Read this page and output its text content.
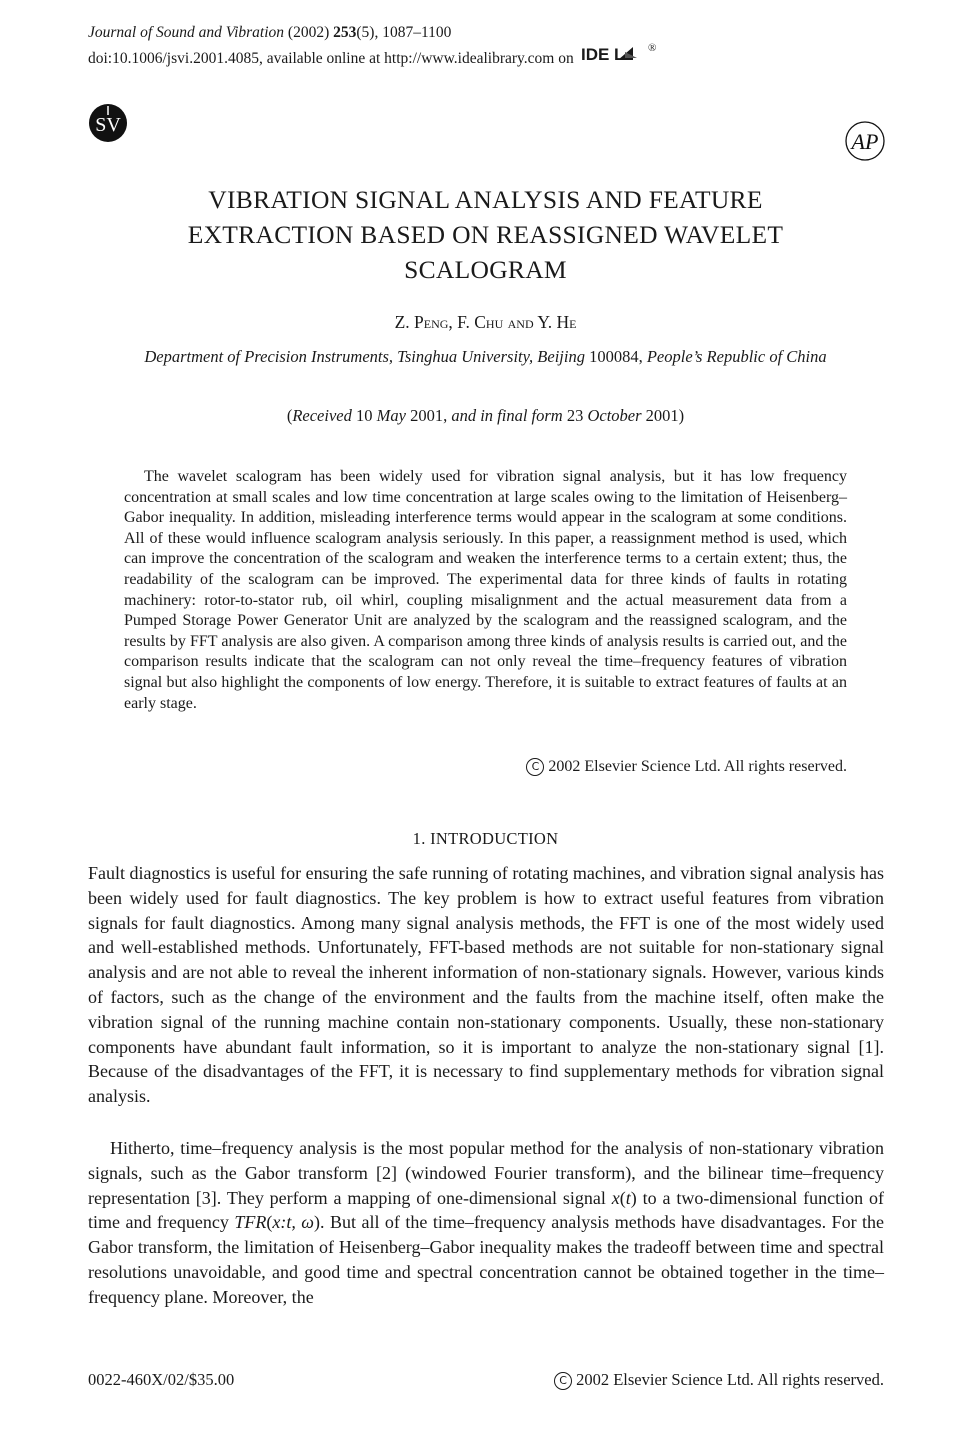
Journal of Sound and Vibration (2002) 253(5), 1087–1100
doi:10.1006/jsvi.2001.4085, available online at http://www.idealibrary.com on IDE L ®
SV
AP
VIBRATION SIGNAL ANALYSIS AND FEATURE
EXTRACTION BASED ON REASSIGNED WAVELET
SCALOGRAM
Z. Peng, F. Chu and Y. He
Department of Precision Instruments, Tsinghua University, Beijing 100084, People’s Republic of China
(Received 10 May 2001, and in final form 23 October 2001)

The wavelet scalogram has been widely used for vibration signal analysis, but it has low frequency concentration at small scales and low time concentration at large scales owing to the limitation of Heisenberg–Gabor inequality. In addition, misleading interference terms would appear in the scalogram at some conditions. All of these would influence scalogram analysis seriously. In this paper, a reassignment method is used, which can improve the concentration of the scalogram and weaken the interference terms to a certain extent; thus, the readability of the scalogram can be improved. The experimental data for three kinds of faults in rotating machinery: rotor-to-stator rub, oil whirl, coupling misalignment and the actual measurement data from a Pumped Storage Power Generator Unit are analyzed by the scalogram and the reassigned scalogram, and the results by FFT analysis are also given. A comparison among three kinds of analysis results is carried out, and the comparison results indicate that the scalogram can not only reveal the time–frequency features of vibration signal but also highlight the components of low energy. Therefore, it is suitable to extract features of faults at an early stage.

C 2002 Elsevier Science Ltd. All rights reserved.
1. INTRODUCTION

Fault diagnostics is useful for ensuring the safe running of rotating machines, and vibration signal analysis has been widely used for fault diagnostics. The key problem is how to extract useful features from vibration signals for fault diagnostics. Among many signal analysis methods, the FFT is one of the most widely used and well-established methods. Unfortunately, FFT-based methods are not suitable for non-stationary signal analysis and are not able to reveal the inherent information of non-stationary signals. However, various kinds of factors, such as the change of the environment and the faults from the machine itself, often make the vibration signal of the running machine contain non-stationary components. Usually, these non-stationary components have abundant fault information, so it is important to analyze the non-stationary signal [1]. Because of the disadvantages of the FFT, it is necessary to find supplementary methods for vibration signal analysis.

Hitherto, time–frequency analysis is the most popular method for the analysis of non-stationary vibration signals, such as the Gabor transform [2] (windowed Fourier transform), and the bilinear time–frequency representation [3]. They perform a mapping of one-dimensional signal x(t) to a two-dimensional function of time and frequency TFR(x:t, ω). But all of the time–frequency analysis methods have disadvantages. For the Gabor transform, the limitation of Heisenberg–Gabor inequality makes the tradeoff between time and spectral resolutions unavoidable, and good time and spectral concentration cannot be obtained together in the time–frequency plane. Moreover, the

0022-460X/02/$35.00	C 2002 Elsevier Science Ltd. All rights reserved.
